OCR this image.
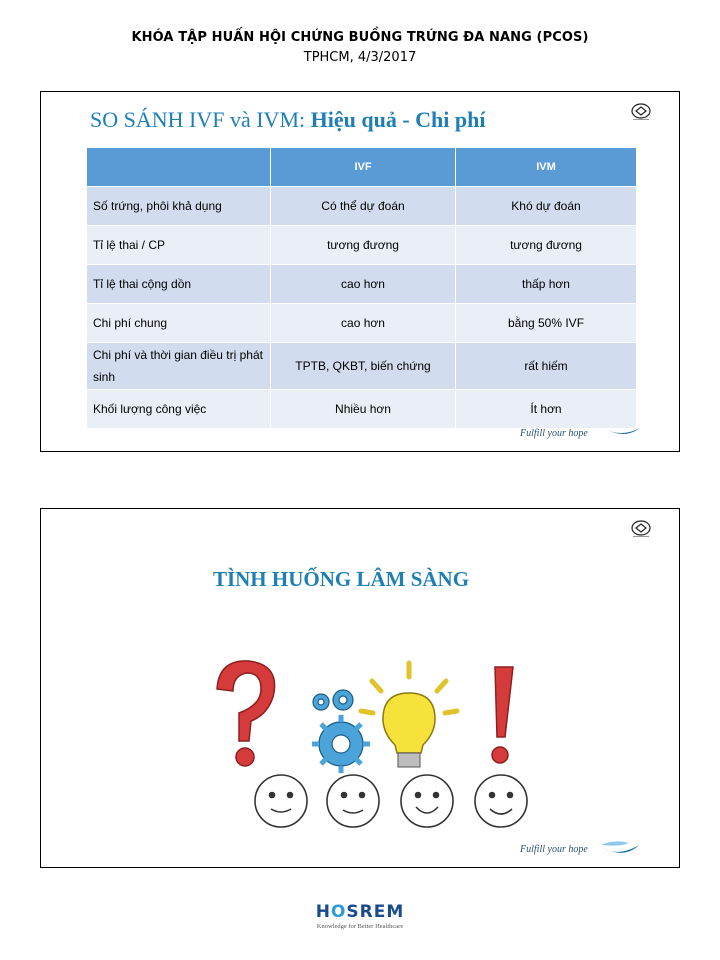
KHÓA TẬP HUẤN HỘI CHỨNG BUỒNG TRỨNG ĐA NANG (PCOS)
TPHCM, 4/3/2017
SO SÁNH IVF và IVM: Hiệu quả - Chi phí
	IVF	IVM
Số trứng, phôi khả dụng	Có thể dự đoán	Khó dự đoán
Tỉ lệ thai / CP	tương đương	tương đương
Tỉ lệ thai cộng dồn	cao hơn	thấp hơn
Chi phí chung	cao hơn	bằng 50% IVF
Chi phí và thời gian điều trị phát sinh	TPTB, QKBT, biến chứng	rất hiếm
Khối lượng công việc	Nhiều hơn	Ít hơn
Fulfill your hope
TÌNH HUỐNG LÂM SÀNG
Fulfill your hope
HOSREM
Knowledge for Better Healthcare
